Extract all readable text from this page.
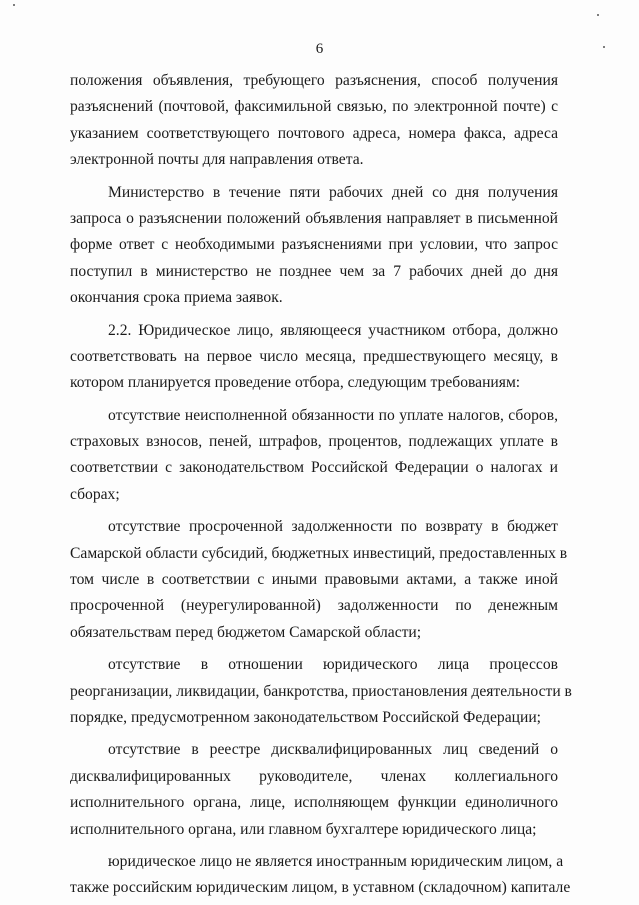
6
положения объявления, требующего разъяснения, способ получения
разъяснений (почтовой, факсимильной связью, по электронной почте) с
указанием соответствующего почтового адреса, номера факса, адреса
электронной почты для направления ответа.
Министерство в течение пяти рабочих дней со дня получения
запроса о разъяснении положений объявления направляет в письменной
форме ответ с необходимыми разъяснениями при условии, что запрос
поступил в министерство не позднее чем за 7 рабочих дней до дня
окончания срока приема заявок.
2.2. Юридическое лицо, являющееся участником отбора, должно
соответствовать на первое число месяца, предшествующего месяцу, в
котором планируется проведение отбора, следующим требованиям:
отсутствие неисполненной обязанности по уплате налогов, сборов,
страховых взносов, пеней, штрафов, процентов, подлежащих уплате в
соответствии с законодательством Российской Федерации о налогах и
сборах;
отсутствие просроченной задолженности по возврату в бюджет
Самарской области субсидий, бюджетных инвестиций, предоставленных в
том числе в соответствии с иными правовыми актами, а также иной
просроченной (неурегулированной) задолженности по денежным
обязательствам перед бюджетом Самарской области;
отсутствие в отношении юридического лица процессов
реорганизации, ликвидации, банкротства, приостановления деятельности в
порядке, предусмотренном законодательством Российской Федерации;
отсутствие в реестре дисквалифицированных лиц сведений о
дисквалифицированных руководителе, членах коллегиального
исполнительного органа, лице, исполняющем функции единоличного
исполнительного органа, или главном бухгалтере юридического лица;
юридическое лицо не является иностранным юридическим лицом, а
также российским юридическим лицом, в уставном (складочном) капитале
